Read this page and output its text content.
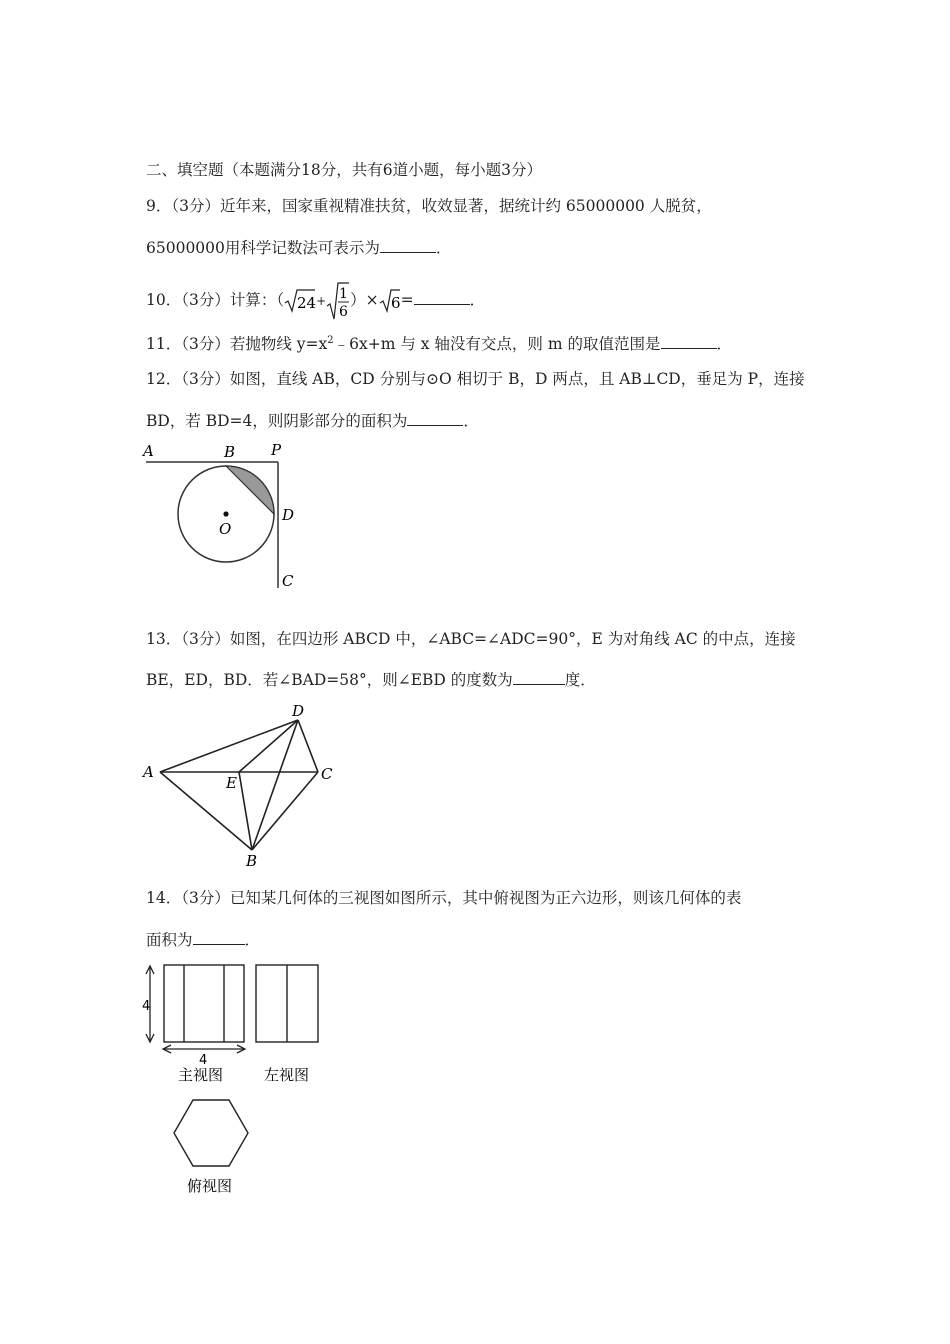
二、填空题（本题满分18分，共有6道小题，每小题3分）
9．（3分）近年来，国家重视精准扶贫，收效显著，据统计约 65000000 人脱贫，
65000000用科学记数法可表示为	．
10．（3分）计算：（ 24 + 1
6
）× 6 =	．
11．（3分）若抛物线 $y=x^2﹣6x+m$ 与 x 轴没有交点，则 m 的取值范围是	．
12．（3分）如图，直线 AB，CD 分别与⊙O 相切于 B，D 两点，且 AB⊥CD，垂足为 P，连接
BD，若 BD=4，则阴影部分的面积为	．
A	B P
D
O
C
13．（3分）如图，在四边形 ABCD 中，∠ABC=∠ADC=90°，E 为对角线 AC 的中点，连接
BE，ED，BD．若∠BAD=58°，则∠EBD 的度数为	度．
A
D
C
E
B
14．（3分）已知某几何体的三视图如图所示，其中俯视图为正六边形，则该几何体的表
面积为	．
4
4
主视图	左视图
俯视图
